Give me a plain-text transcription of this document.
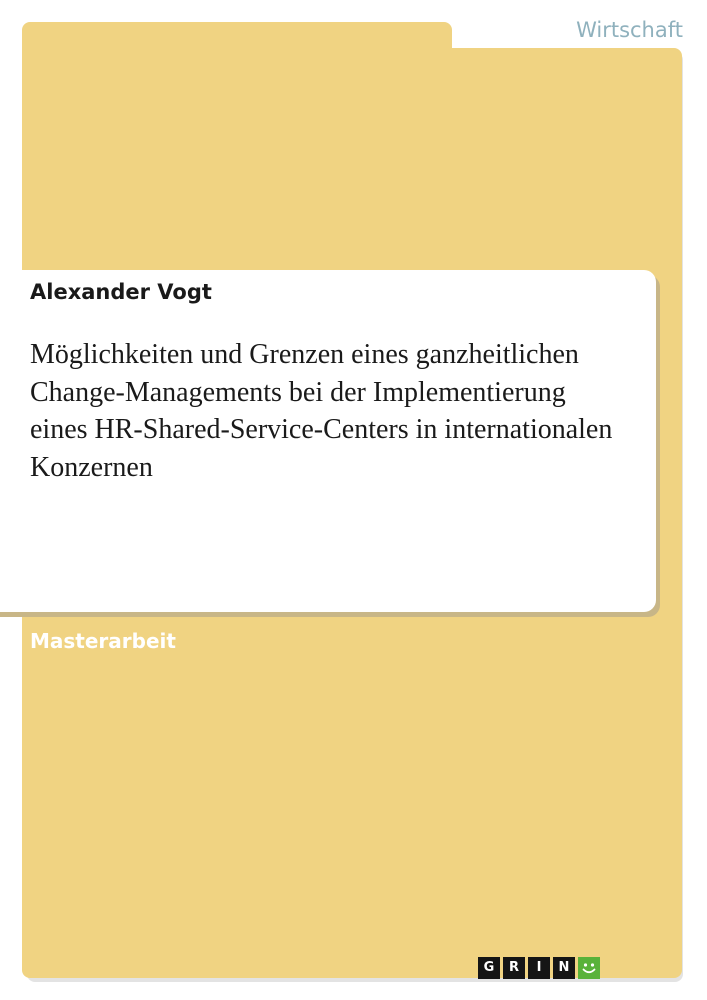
Wirtschaft
Alexander Vogt
Möglichkeiten und Grenzen eines ganzheitlichen Change-Managements bei der Implementierung eines HR-Shared-Service-Centers in internationalen Konzernen
Masterarbeit
G	R	I	N
